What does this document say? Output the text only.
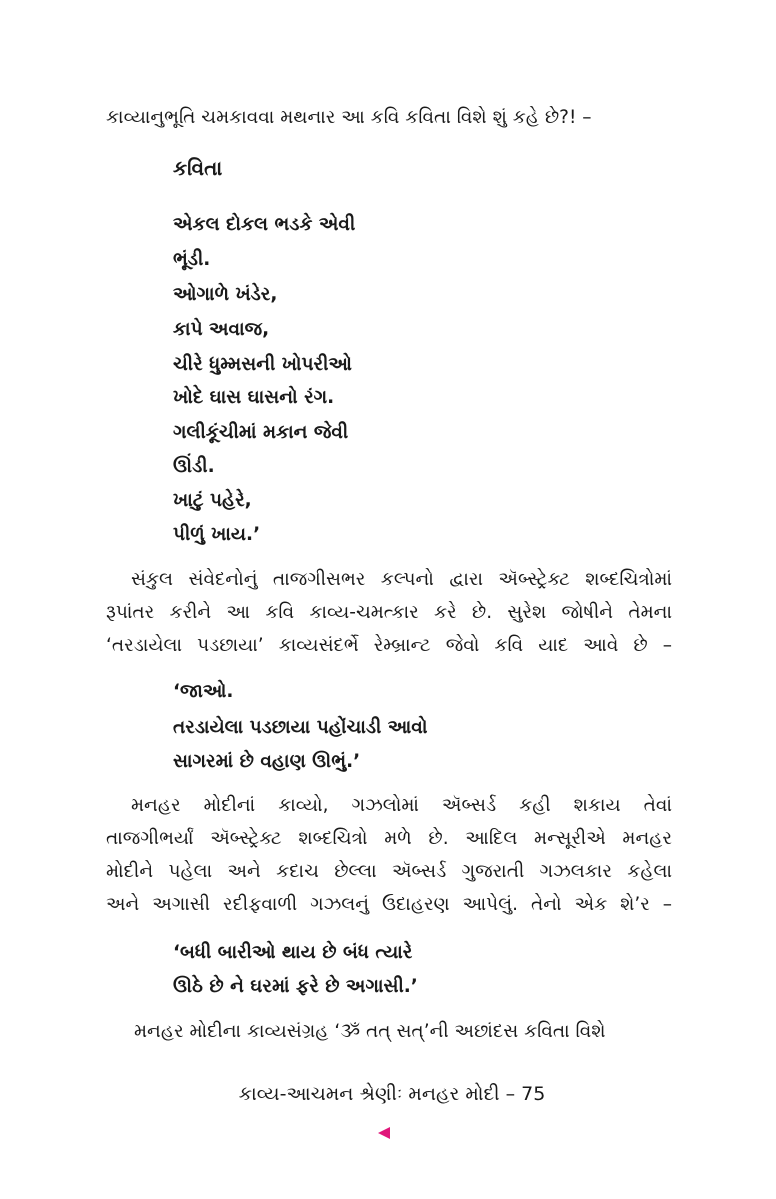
કાવ્યાનુભૂતિ ચમકાવવા મથનાર આ કવિ કવિતા વિશે શું કહે છે?! –
કવિતા
એકલ દોકલ ભડકે એવી
ભૂંડી.
ઓગાળે ખંડેર,
કાપે અવાજ,
ચીરે ધુમ્મસની ખોપરીઓ
ખોદે ઘાસ ઘાસનો રંગ.
ગલીકૂંચીમાં મકાન જેવી
ઊંડી.
ખાટું પહેરે,
પીળું ખાય.’
સંકુલ સંવેદનોનું તાજગીસભર કલ્પનો દ્વારા ઍબ્સ્ટ્રેક્ટ શબ્દચિત્રોમાં
રૂપાંતર કરીને આ કવિ કાવ્ય-ચમત્કાર કરે છે. સુરેશ જોષીને તેમના
‘તરડાયેલા પડછાયા’ કાવ્યસંદર્ભે રેમ્બ્રાન્ટ જેવો કવિ યાદ આવે છે –
‘જાઓ.
તરડાયેલા પડછાયા પહોંચાડી આવો
સાગરમાં છે વહાણ ઊભું.’
મનહર મોદીનાં કાવ્યો, ગઝલોમાં ઍબ્સર્ડ કહી શકાય તેવાં
તાજગીભર્યાં ઍબ્સ્ટ્રેક્ટ શબ્દચિત્રો મળે છે. આદિલ મન્સૂરીએ મનહર
મોદીને પહેલા અને કદાચ છેલ્લા ઍબ્સર્ડ ગુજરાતી ગઝલકાર કહેલા
અને અગાસી રદીફવાળી ગઝલનું ઉદાહરણ આપેલું. તેનો એક શે’ર –
‘બધી બારીઓ થાય છે બંધ ત્યારે
ઊઠે છે ને ઘરમાં ફરે છે અગાસી.’
મનહર મોદીના કાવ્યસંગ્રહ ‘ૐ તત્ સત્’ની અછાંદસ કવિતા વિશે
કાવ્ય-આચમન શ્રેણીઃ મનહર મોદી – 75
